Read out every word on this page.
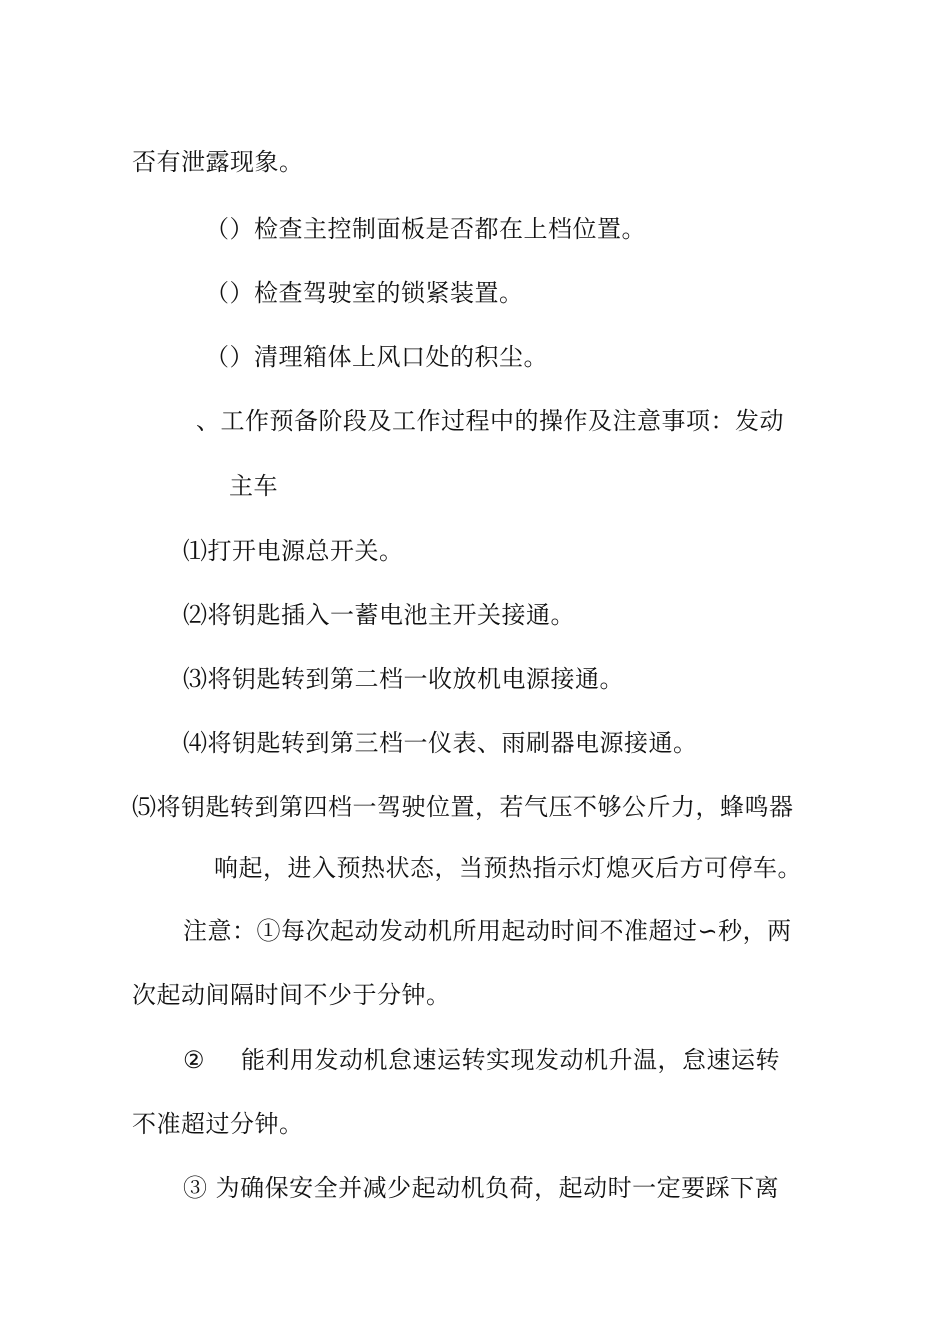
否有泄露现象。
（）检查主控制面板是否都在上档位置。
（）检查驾驶室的锁紧装置。
（）清理箱体上风口处的积尘。
、工作预备阶段及工作过程中的操作及注意事项：发动
主车
⑴打开电源总开关。
⑵将钥匙插入一蓄电池主开关接通。
⑶将钥匙转到第二档一收放机电源接通。
⑷将钥匙转到第三档一仪表、雨刷器电源接通。
⑸将钥匙转到第四档一驾驶位置，若气压不够公斤力，蜂鸣器
响起，进入预热状态，当预热指示灯熄灭后方可停车。
注意：①每次起动发动机所用起动时间不准超过∽秒，两
次起动间隔时间不少于分钟。
② 能利用发动机怠速运转实现发动机升温，怠速运转
不准超过分钟。
③ 为确保安全并减少起动机负荷，起动时一定要踩下离
